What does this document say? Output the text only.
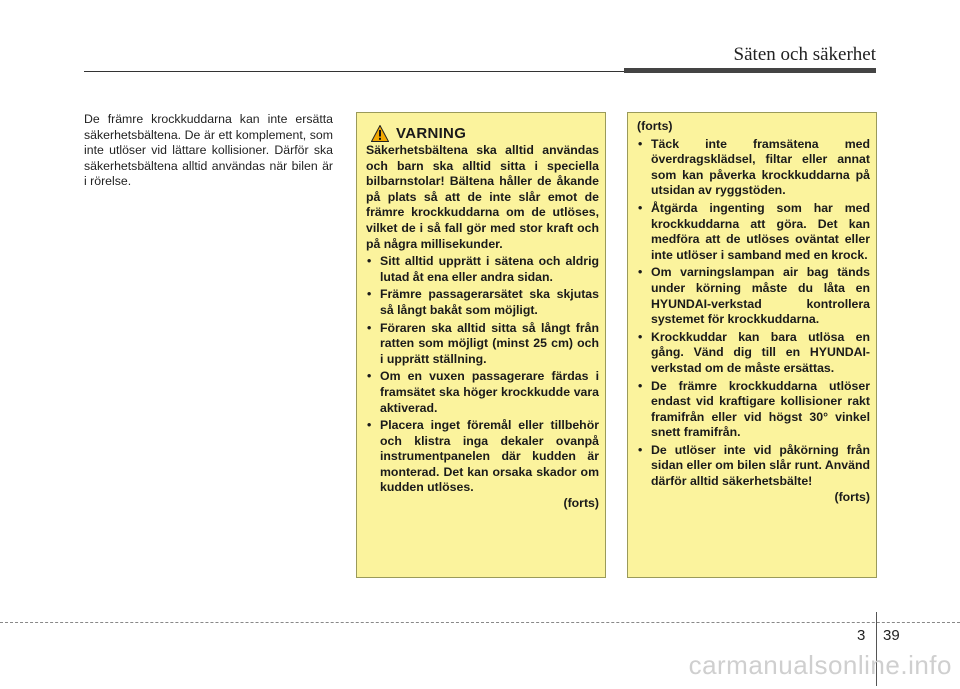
Säten och säkerhet
De främre krockkuddarna kan inte ersätta säkerhetsbältena. De är ett komplement, som inte utlöser vid lättare kollisioner. Därför ska säkerhetsbältena alltid användas när bilen är i rörelse.
VARNING
Säkerhetsbältena ska alltid användas och barn ska alltid sitta i speciella bilbarnstolar! Bältena håller de åkande på plats så att de inte slår emot de främre krockkuddarna om de utlöses, vilket de i så fall gör med stor kraft och på några millisekunder.
• Sitt alltid upprätt i sätena och aldrig lutad åt ena eller andra sidan.
• Främre passagerarsätet ska skjutas så långt bakåt som möjligt.
• Föraren ska alltid sitta så långt från ratten som möjligt (minst 25 cm) och i upprätt ställning.
• Om en vuxen passagerare färdas i framsätet ska höger krockkudde vara aktiverad.
• Placera inget föremål eller tillbehör och klistra inga dekaler ovanpå instrumentpanelen där kudden är monterad. Det kan orsaka skador om kudden utlöses.
(forts)
(forts)
• Täck inte framsätena med överdragsklädsel, filtar eller annat som kan påverka krockkuddarna på utsidan av ryggstöden.
• Åtgärda ingenting som har med krockkuddarna att göra. Det kan medföra att de utlöses oväntat eller inte utlöser i samband med en krock.
• Om varningslampan air bag tänds under körning måste du låta en HYUNDAI-verkstad kontrollera systemet för krockkuddarna.
• Krockkuddar kan bara utlösa en gång. Vänd dig till en HYUNDAI-verkstad om de måste ersättas.
• De främre krockkuddarna utlöser endast vid kraftigare kollisioner rakt framifrån eller vid högst 30° vinkel snett framifrån.
• De utlöser inte vid påkörning från sidan eller om bilen slår runt. Använd därför alltid säkerhetsbälte!
(forts)
3 39
carmanualsonline.info
